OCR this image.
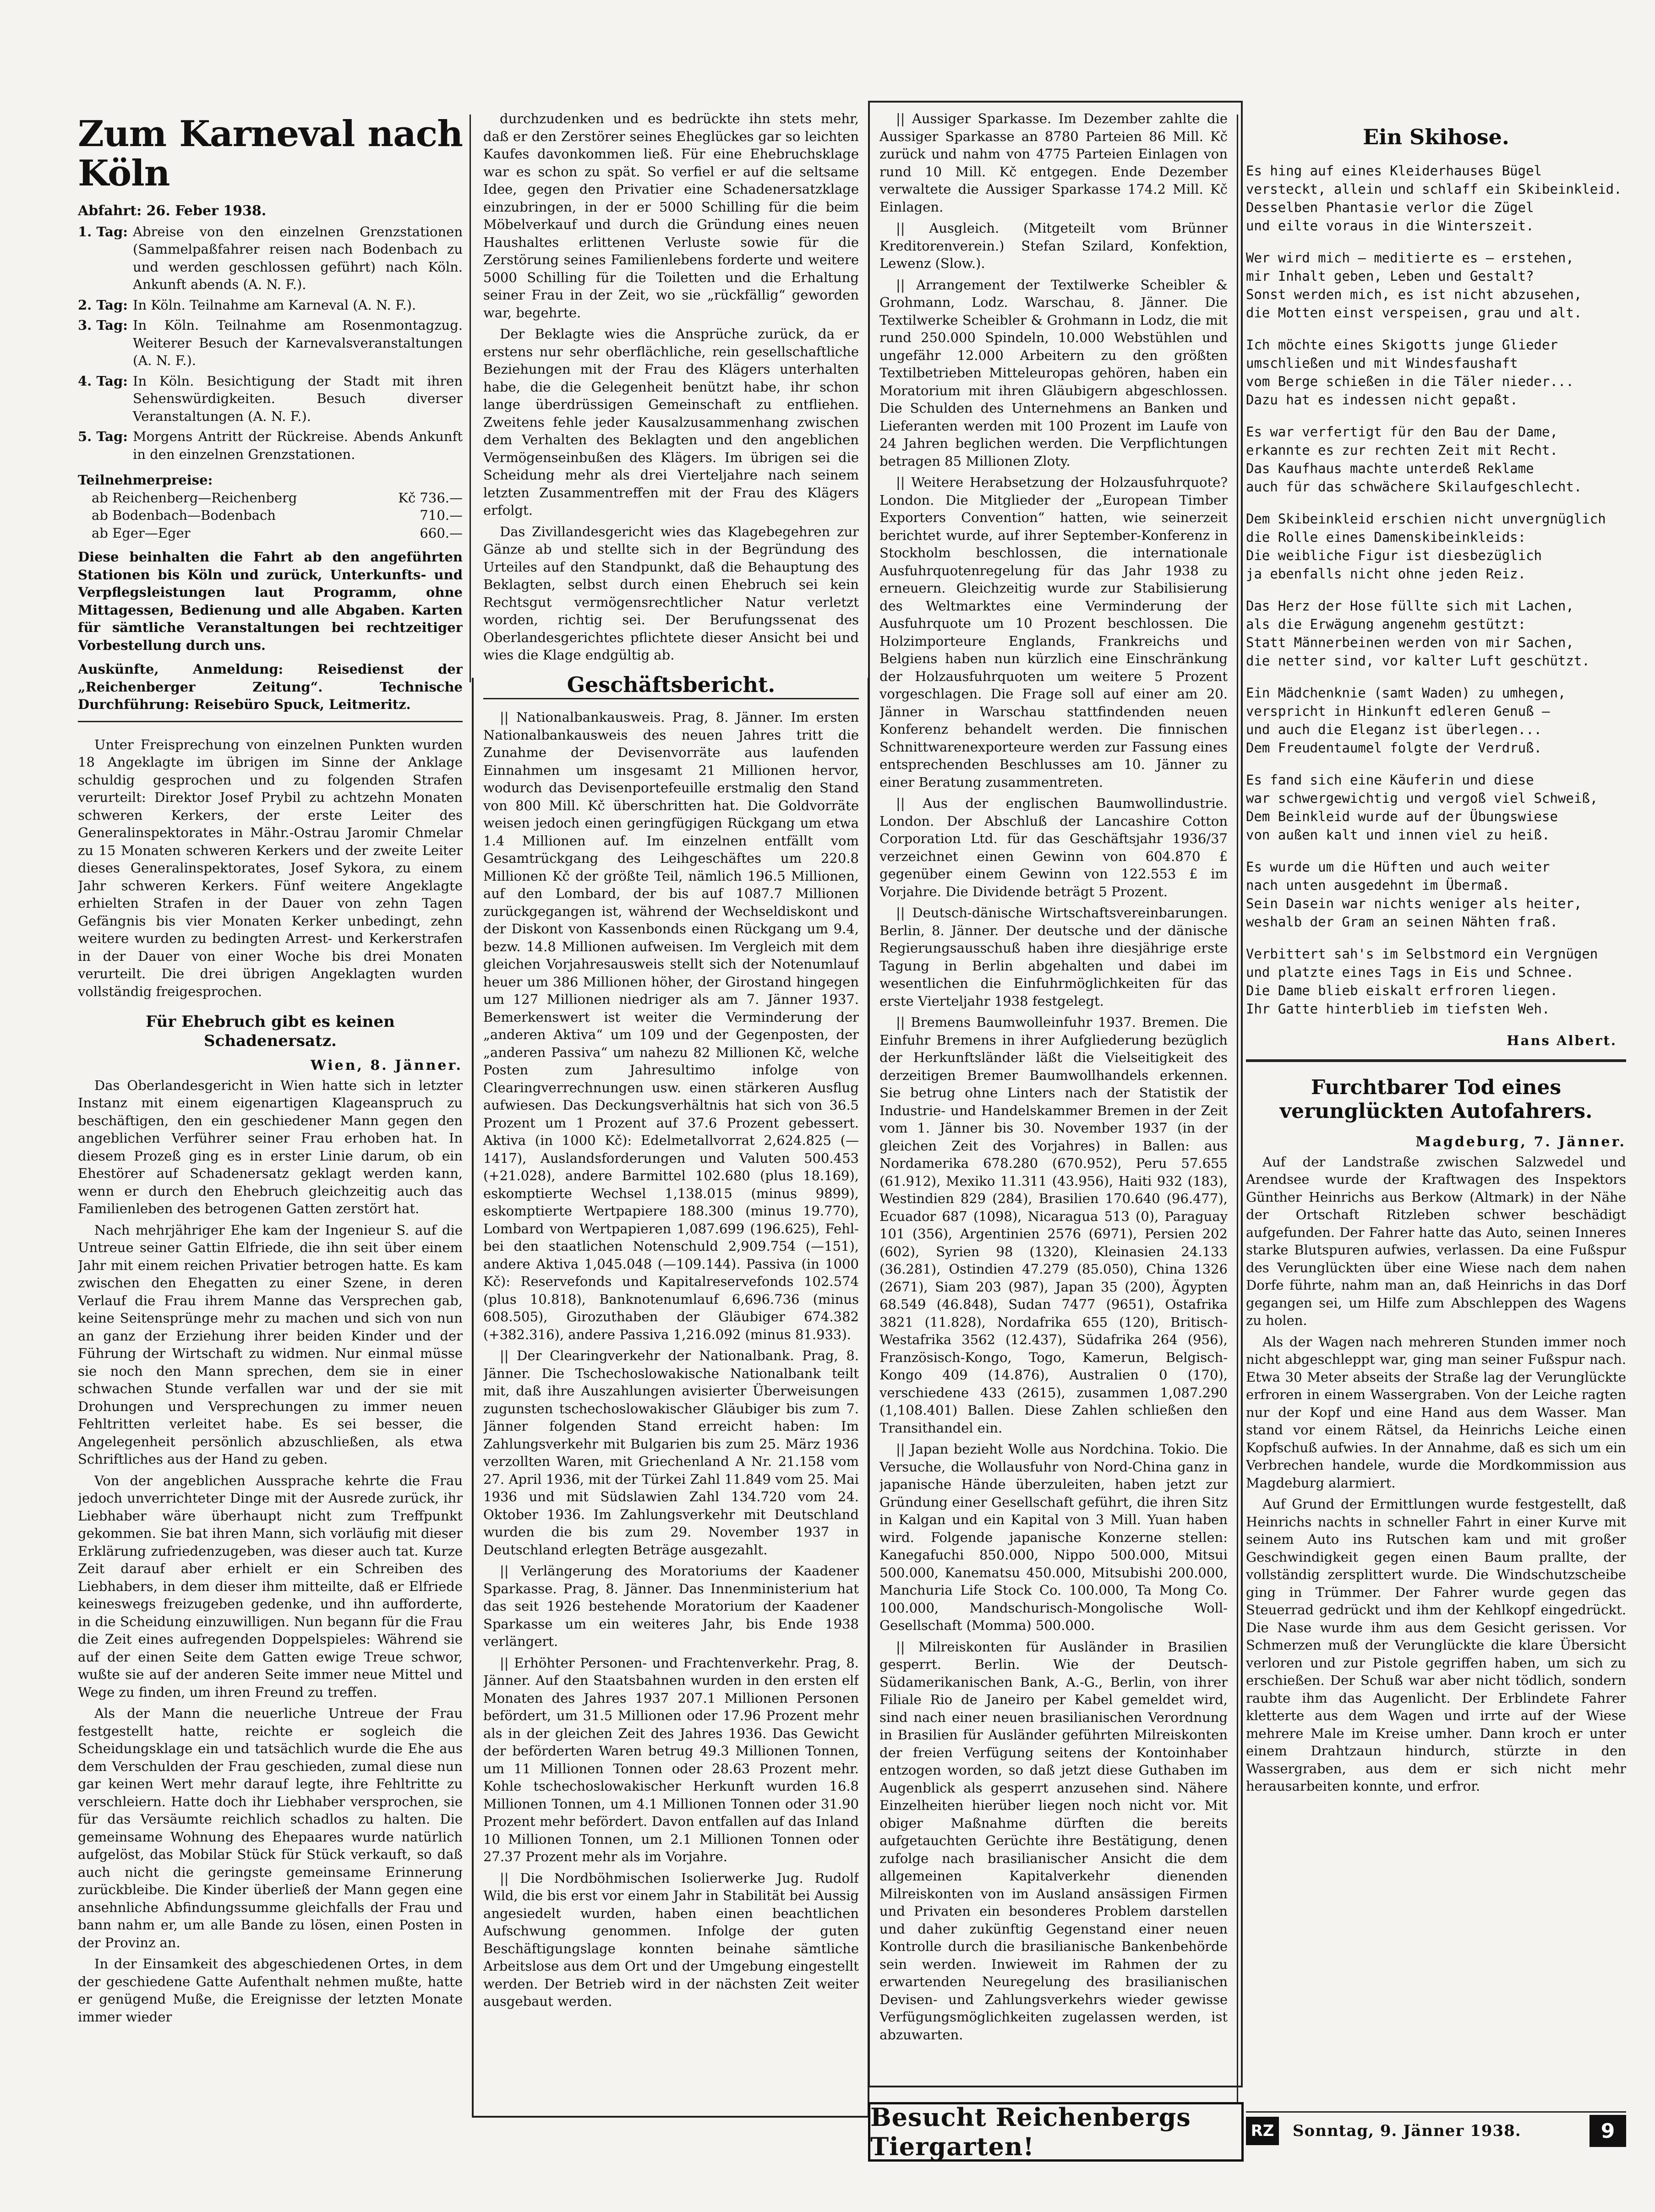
Zum Karneval nach Köln
Abfahrt: 26. Feber 1938.
1. Tag: Abreise von den einzelnen Grenzstationen (Sammelpaßfahrer reisen nach Bodenbach zu und werden geschlossen geführt) nach Köln. Ankunft abends (A. N. F.).
2. Tag: In Köln. Teilnahme am Karneval (A. N. F.).
3. Tag: In Köln. Teilnahme am Rosenmontagzug. Weiterer Besuch der Karnevalsveranstaltungen (A. N. F.).
4. Tag: In Köln. Besichtigung der Stadt mit ihren Sehenswürdigkeiten. Besuch diverser Veranstaltungen (A. N. F.).
5. Tag: Morgens Antritt der Rückreise. Abends Ankunft in den einzelnen Grenzstationen.
Teilnehmerpreise:
ab Reichenberg—Reichenberg	Kč 736.—
ab Bodenbach—Bodenbach	710.—
ab Eger—Eger	660.—

Diese beinhalten die Fahrt ab den angeführten Stationen bis Köln und zurück, Unterkunfts- und Verpflegsleistungen laut Programm, ohne Mittagessen, Bedienung und alle Abgaben. Karten für sämtliche Veranstaltungen bei rechtzeitiger Vorbestellung durch uns.

Auskünfte, Anmeldung: Reisedienst der „Reichenberger Zeitung“. Technische Durchführung: Reisebüro Spuck, Leitmeritz.

Unter Freisprechung von einzelnen Punkten wurden 18 Angeklagte im übrigen im Sinne der Anklage schuldig gesprochen und zu folgenden Strafen verurteilt: Direktor Josef Prybil zu achtzehn Monaten schweren Kerkers, der erste Leiter des Generalinspektorates in Mähr.-Ostrau Jaromir Chmelar zu 15 Monaten schweren Kerkers und der zweite Leiter dieses Generalinspektorates, Josef Sykora, zu einem Jahr schweren Kerkers. Fünf weitere Angeklagte erhielten Strafen in der Dauer von zehn Tagen Gefängnis bis vier Monaten Kerker unbedingt, zehn weitere wurden zu bedingten Arrest- und Kerkerstrafen in der Dauer von einer Woche bis drei Monaten verurteilt. Die drei übrigen Angeklagten wurden vollständig freigesprochen.

Für Ehebruch gibt es keinen Schadenersatz.
Wien, 8. Jänner.

Das Oberlandesgericht in Wien hatte sich in letzter Instanz mit einem eigenartigen Klageanspruch zu beschäftigen, den ein geschiedener Mann gegen den angeblichen Verführer seiner Frau erhoben hat. In diesem Prozeß ging es in erster Linie darum, ob ein Ehestörer auf Schadenersatz geklagt werden kann, wenn er durch den Ehebruch gleichzeitig auch das Familienleben des betrogenen Gatten zerstört hat.

Nach mehrjähriger Ehe kam der Ingenieur S. auf die Untreue seiner Gattin Elfriede, die ihn seit über einem Jahr mit einem reichen Privatier betrogen hatte. Es kam zwischen den Ehegatten zu einer Szene, in deren Verlauf die Frau ihrem Manne das Versprechen gab, keine Seitensprünge mehr zu machen und sich von nun an ganz der Erziehung ihrer beiden Kinder und der Führung der Wirtschaft zu widmen. Nur einmal müsse sie noch den Mann sprechen, dem sie in einer schwachen Stunde verfallen war und der sie mit Drohungen und Versprechungen zu immer neuen Fehltritten verleitet habe. Es sei besser, die Angelegenheit persönlich abzuschließen, als etwa Schriftliches aus der Hand zu geben.

Von der angeblichen Aussprache kehrte die Frau jedoch unverrichteter Dinge mit der Ausrede zurück, ihr Liebhaber wäre überhaupt nicht zum Treffpunkt gekommen. Sie bat ihren Mann, sich vorläufig mit dieser Erklärung zufriedenzugeben, was dieser auch tat. Kurze Zeit darauf aber erhielt er ein Schreiben des Liebhabers, in dem dieser ihm mitteilte, daß er Elfriede keineswegs freizugeben gedenke, und ihn aufforderte, in die Scheidung einzuwilligen. Nun begann für die Frau die Zeit eines aufregenden Doppelspieles: Während sie auf der einen Seite dem Gatten ewige Treue schwor, wußte sie auf der anderen Seite immer neue Mittel und Wege zu finden, um ihren Freund zu treffen.

Als der Mann die neuerliche Untreue der Frau festgestellt hatte, reichte er sogleich die Scheidungsklage ein und tatsächlich wurde die Ehe aus dem Verschulden der Frau geschieden, zumal diese nun gar keinen Wert mehr darauf legte, ihre Fehltritte zu verschleiern. Hatte doch ihr Liebhaber versprochen, sie für das Versäumte reichlich schadlos zu halten. Die gemeinsame Wohnung des Ehepaares wurde natürlich aufgelöst, das Mobilar Stück für Stück verkauft, so daß auch nicht die geringste gemeinsame Erinnerung zurückbleibe. Die Kinder überließ der Mann gegen eine ansehnliche Abfindungssumme gleichfalls der Frau und bann nahm er, um alle Bande zu lösen, einen Posten in der Provinz an.

In der Einsamkeit des abgeschiedenen Ortes, in dem der geschiedene Gatte Aufenthalt nehmen mußte, hatte er genügend Muße, die Ereignisse der letzten Monate immer wieder

durchzudenken und es bedrückte ihn stets mehr, daß er den Zerstörer seines Eheglückes gar so leichten Kaufes davonkommen ließ. Für eine Ehebruchsklage war es schon zu spät. So verfiel er auf die seltsame Idee, gegen den Privatier eine Schadenersatzklage einzubringen, in der er 5000 Schilling für die beim Möbelverkauf und durch die Gründung eines neuen Haushaltes erlittenen Verluste sowie für die Zerstörung seines Familienlebens forderte und weitere 5000 Schilling für die Toiletten und die Erhaltung seiner Frau in der Zeit, wo sie „rückfällig“ geworden war, begehrte.

Der Beklagte wies die Ansprüche zurück, da er erstens nur sehr oberflächliche, rein gesellschaftliche Beziehungen mit der Frau des Klägers unterhalten habe, die die Gelegenheit benützt habe, ihr schon lange überdrüssigen Gemeinschaft zu entfliehen. Zweitens fehle jeder Kausalzusammenhang zwischen dem Verhalten des Beklagten und den angeblichen Vermögenseinbußen des Klägers. Im übrigen sei die Scheidung mehr als drei Vierteljahre nach seinem letzten Zusammentreffen mit der Frau des Klägers erfolgt.

Das Zivillandesgericht wies das Klagebegehren zur Gänze ab und stellte sich in der Begründung des Urteiles auf den Standpunkt, daß die Behauptung des Beklagten, selbst durch einen Ehebruch sei kein Rechtsgut vermögensrechtlicher Natur verletzt worden, richtig sei. Der Berufungssenat des Oberlandesgerichtes pflichtete dieser Ansicht bei und wies die Klage endgültig ab.

Geschäftsbericht.

|| Nationalbankausweis. Prag, 8. Jänner. Im ersten Nationalbankausweis des neuen Jahres tritt die Zunahme der Devisenvorräte aus laufenden Einnahmen um insgesamt 21 Millionen hervor, wodurch das Devisenportefeuille erstmalig den Stand von 800 Mill. Kč überschritten hat. Die Goldvorräte weisen jedoch einen geringfügigen Rückgang um etwa 1.4 Millionen auf. Im einzelnen entfällt vom Gesamtrückgang des Leihgeschäftes um 220.8 Millionen Kč der größte Teil, nämlich 196.5 Millionen, auf den Lombard, der bis auf 1087.7 Millionen zurückgegangen ist, während der Wechseldiskont und der Diskont von Kassenbonds einen Rückgang um 9.4, bezw. 14.8 Millionen aufweisen. Im Vergleich mit dem gleichen Vorjahresausweis stellt sich der Notenumlauf heuer um 386 Millionen höher, der Girostand hingegen um 127 Millionen niedriger als am 7. Jänner 1937. Bemerkenswert ist weiter die Verminderung der „anderen Aktiva“ um 109 und der Gegenposten, der „anderen Passiva“ um nahezu 82 Millionen Kč, welche Posten zum Jahresultimo infolge von Clearingverrechnungen usw. einen stärkeren Ausflug aufwiesen. Das Deckungsverhältnis hat sich von 36.5 Prozent um 1 Prozent auf 37.6 Prozent gebessert. Aktiva (in 1000 Kč): Edelmetallvorrat 2,624.825 (—1417), Auslandsforderungen und Valuten 500.453 (+21.028), andere Barmittel 102.680 (plus 18.169), eskomptierte Wechsel 1,138.015 (minus 9899), eskomptierte Wertpapiere 188.300 (minus 19.770), Lombard von Wertpapieren 1,087.699 (196.625), Fehl- bei den staatlichen Notenschuld 2,909.754 (—151), andere Aktiva 1,045.048 (—109.144). Passiva (in 1000 Kč): Reservefonds und Kapitalreservefonds 102.574 (plus 10.818), Banknotenumlauf 6,696.736 (minus 608.505), Girozuthaben der Gläubiger 674.382 (+382.316), andere Passiva 1,216.092 (minus 81.933).

|| Der Clearingverkehr der Nationalbank. Prag, 8. Jänner. Die Tschechoslowakische Nationalbank teilt mit, daß ihre Auszahlungen avisierter Überweisungen zugunsten tschechoslowakischer Gläubiger bis zum 7. Jänner folgenden Stand erreicht haben: Im Zahlungsverkehr mit Bulgarien bis zum 25. März 1936 verzollten Waren, mit Griechenland A Nr. 21.158 vom 27. April 1936, mit der Türkei Zahl 11.849 vom 25. Mai 1936 und mit Südslawien Zahl 134.720 vom 24. Oktober 1936. Im Zahlungsverkehr mit Deutschland wurden die bis zum 29. November 1937 in Deutschland erlegten Beträge ausgezahlt.

|| Verlängerung des Moratoriums der Kaadener Sparkasse. Prag, 8. Jänner. Das Innenministerium hat das seit 1926 bestehende Moratorium der Kaadener Sparkasse um ein weiteres Jahr, bis Ende 1938 verlängert.

|| Erhöhter Personen- und Frachtenverkehr. Prag, 8. Jänner. Auf den Staatsbahnen wurden in den ersten elf Monaten des Jahres 1937 207.1 Millionen Personen befördert, um 31.5 Millionen oder 17.96 Prozent mehr als in der gleichen Zeit des Jahres 1936. Das Gewicht der beförderten Waren betrug 49.3 Millionen Tonnen, um 11 Millionen Tonnen oder 28.63 Prozent mehr. Kohle tschechoslowakischer Herkunft wurden 16.8 Millionen Tonnen, um 4.1 Millionen Tonnen oder 31.90 Prozent mehr befördert. Davon entfallen auf das Inland 10 Millionen Tonnen, um 2.1 Millionen Tonnen oder 27.37 Prozent mehr als im Vorjahre.

|| Die Nordböhmischen Isolierwerke Jug. Rudolf Wild, die bis erst vor einem Jahr in Stabilität bei Aussig angesiedelt wurden, haben einen beachtlichen Aufschwung genommen. Infolge der guten Beschäftigungslage konnten beinahe sämtliche Arbeitslose aus dem Ort und der Umgebung eingestellt werden. Der Betrieb wird in der nächsten Zeit weiter ausgebaut werden.

|| Aussiger Sparkasse. Im Dezember zahlte die Aussiger Sparkasse an 8780 Parteien 86 Mill. Kč zurück und nahm von 4775 Parteien Einlagen von rund 10 Mill. Kč entgegen. Ende Dezember verwaltete die Aussiger Sparkasse 174.2 Mill. Kč Einlagen.

|| Ausgleich. (Mitgeteilt vom Brünner Kreditorenverein.) Stefan Szilard, Konfektion, Lewenz (Slow.).

|| Arrangement der Textilwerke Scheibler & Grohmann, Lodz. Warschau, 8. Jänner. Die Textilwerke Scheibler & Grohmann in Lodz, die mit rund 250.000 Spindeln, 10.000 Webstühlen und ungefähr 12.000 Arbeitern zu den größten Textilbetrieben Mitteleuropas gehören, haben ein Moratorium mit ihren Gläubigern abgeschlossen. Die Schulden des Unternehmens an Banken und Lieferanten werden mit 100 Prozent im Laufe von 24 Jahren beglichen werden. Die Verpflichtungen betragen 85 Millionen Zloty.

|| Weitere Herabsetzung der Holzausfuhrquote? London. Die Mitglieder der „European Timber Exporters Convention“ hatten, wie seinerzeit berichtet wurde, auf ihrer September-Konferenz in Stockholm beschlossen, die internationale Ausfuhrquotenregelung für das Jahr 1938 zu erneuern. Gleichzeitig wurde zur Stabilisierung des Weltmarktes eine Verminderung der Ausfuhrquote um 10 Prozent beschlossen. Die Holzimporteure Englands, Frankreichs und Belgiens haben nun kürzlich eine Einschränkung der Holzausfuhrquoten um weitere 5 Prozent vorgeschlagen. Die Frage soll auf einer am 20. Jänner in Warschau stattfindenden neuen Konferenz behandelt werden. Die finnischen Schnittwarenexporteure werden zur Fassung eines entsprechenden Beschlusses am 10. Jänner zu einer Beratung zusammentreten.

|| Aus der englischen Baumwollindustrie. London. Der Abschluß der Lancashire Cotton Corporation Ltd. für das Geschäftsjahr 1936/37 verzeichnet einen Gewinn von 604.870 £ gegenüber einem Gewinn von 122.553 £ im Vorjahre. Die Dividende beträgt 5 Prozent.

|| Deutsch-dänische Wirtschaftsvereinbarungen. Berlin, 8. Jänner. Der deutsche und der dänische Regierungsausschuß haben ihre diesjährige erste Tagung in Berlin abgehalten und dabei im wesentlichen die Einfuhrmöglichkeiten für das erste Vierteljahr 1938 festgelegt.

|| Bremens Baumwolleinfuhr 1937. Bremen. Die Einfuhr Bremens in ihrer Aufgliederung bezüglich der Herkunftsländer läßt die Vielseitigkeit des derzeitigen Bremer Baumwollhandels erkennen. Sie betrug ohne Linters nach der Statistik der Industrie- und Handelskammer Bremen in der Zeit vom 1. Jänner bis 30. November 1937 (in der gleichen Zeit des Vorjahres) in Ballen: aus Nordamerika 678.280 (670.952), Peru 57.655 (61.912), Mexiko 11.311 (43.956), Haiti 932 (183), Westindien 829 (284), Brasilien 170.640 (96.477), Ecuador 687 (1098), Nicaragua 513 (0), Paraguay 101 (356), Argentinien 2576 (6971), Persien 202 (602), Syrien 98 (1320), Kleinasien 24.133 (36.281), Ostindien 47.279 (85.050), China 1326 (2671), Siam 203 (987), Japan 35 (200), Ägypten 68.549 (46.848), Sudan 7477 (9651), Ostafrika 3821 (11.828), Nordafrika 655 (120), Britisch-Westafrika 3562 (12.437), Südafrika 264 (956), Französisch-Kongo, Togo, Kamerun, Belgisch-Kongo 409 (14.876), Australien 0 (170), verschiedene 433 (2615), zusammen 1,087.290 (1,108.401) Ballen. Diese Zahlen schließen den Transithandel ein.

|| Japan bezieht Wolle aus Nordchina. Tokio. Die Versuche, die Wollausfuhr von Nord-China ganz in japanische Hände überzuleiten, haben jetzt zur Gründung einer Gesellschaft geführt, die ihren Sitz in Kalgan und ein Kapital von 3 Mill. Yuan haben wird. Folgende japanische Konzerne stellen: Kanegafuchi 850.000, Nippo 500.000, Mitsui 500.000, Kanematsu 450.000, Mitsubishi 200.000, Manchuria Life Stock Co. 100.000, Ta Mong Co. 100.000, Mandschurisch-Mongolische Woll-Gesellschaft (Momma) 500.000.

|| Milreiskonten für Ausländer in Brasilien gesperrt. Berlin. Wie der Deutsch-Südamerikanischen Bank, A.-G., Berlin, von ihrer Filiale Rio de Janeiro per Kabel gemeldet wird, sind nach einer neuen brasilianischen Verordnung in Brasilien für Ausländer geführten Milreiskonten der freien Verfügung seitens der Kontoinhaber entzogen worden, so daß jetzt diese Guthaben im Augenblick als gesperrt anzusehen sind. Nähere Einzelheiten hierüber liegen noch nicht vor. Mit obiger Maßnahme dürften die bereits aufgetauchten Gerüchte ihre Bestätigung, denen zufolge nach brasilianischer Ansicht die dem allgemeinen Kapitalverkehr dienenden Milreiskonten von im Ausland ansässigen Firmen und Privaten ein besonderes Problem darstellen und daher zukünftig Gegenstand einer neuen Kontrolle durch die brasilianische Bankenbehörde sein werden. Inwieweit im Rahmen der zu erwartenden Neuregelung des brasilianischen Devisen- und Zahlungsverkehrs wieder gewisse Verfügungsmöglichkeiten zugelassen werden, ist abzuwarten.

Besucht Reichenbergs Tiergarten!
Ein Skihose.
Es hing auf eines Kleiderhauses Bügel
versteckt, allein und schlaff ein Skibeinkleid.
Desselben Phantasie verlor die Zügel
und eilte voraus in die Winterszeit.
Wer wird mich — meditierte es — erstehen,
mir Inhalt geben, Leben und Gestalt?
Sonst werden mich, es ist nicht abzusehen,
die Motten einst verspeisen, grau und alt.
Ich möchte eines Skigotts junge Glieder
umschließen und mit Windesfaushaft
vom Berge schießen in die Täler nieder...
Dazu hat es indessen nicht gepaßt.
Es war verfertigt für den Bau der Dame,
erkannte es zur rechten Zeit mit Recht.
Das Kaufhaus machte unterdeß Reklame
auch für das schwächere Skilaufgeschlecht.
Dem Skibeinkleid erschien nicht unvergnüglich
die Rolle eines Damenskibeinkleids:
Die weibliche Figur ist diesbezüglich
ja ebenfalls nicht ohne jeden Reiz.
Das Herz der Hose füllte sich mit Lachen,
als die Erwägung angenehm gestützt:
Statt Männerbeinen werden von mir Sachen,
die netter sind, vor kalter Luft geschützt.
Ein Mädchenknie (samt Waden) zu umhegen,
verspricht in Hinkunft edleren Genuß —
und auch die Eleganz ist überlegen...
Dem Freudentaumel folgte der Verdruß.
Es fand sich eine Käuferin und diese
war schwergewichtig und vergoß viel Schweiß,
Dem Beinkleid wurde auf der Übungswiese
von außen kalt und innen viel zu heiß.
Es wurde um die Hüften und auch weiter
nach unten ausgedehnt im Übermaß.
Sein Dasein war nichts weniger als heiter,
weshalb der Gram an seinen Nähten fraß.
Verbittert sah's im Selbstmord ein Vergnügen
und platzte eines Tags in Eis und Schnee.
Die Dame blieb eiskalt erfroren liegen.
Ihr Gatte hinterblieb im tiefsten Weh.
Hans Albert.
Furchtbarer Tod eines verunglückten Autofahrers.
Magdeburg, 7. Jänner.

Auf der Landstraße zwischen Salzwedel und Arendsee wurde der Kraftwagen des Inspektors Günther Heinrichs aus Berkow (Altmark) in der Nähe der Ortschaft Ritzleben schwer beschädigt aufgefunden. Der Fahrer hatte das Auto, seinen Inneres starke Blutspuren aufwies, verlassen. Da eine Fußspur des Verunglückten über eine Wiese nach dem nahen Dorfe führte, nahm man an, daß Heinrichs in das Dorf gegangen sei, um Hilfe zum Abschleppen des Wagens zu holen.

Als der Wagen nach mehreren Stunden immer noch nicht abgeschleppt war, ging man seiner Fußspur nach. Etwa 30 Meter abseits der Straße lag der Verunglückte erfroren in einem Wassergraben. Von der Leiche ragten nur der Kopf und eine Hand aus dem Wasser. Man stand vor einem Rätsel, da Heinrichs Leiche einen Kopfschuß aufwies. In der Annahme, daß es sich um ein Verbrechen handele, wurde die Mordkommission aus Magdeburg alarmiert.

Auf Grund der Ermittlungen wurde festgestellt, daß Heinrichs nachts in schneller Fahrt in einer Kurve mit seinem Auto ins Rutschen kam und mit großer Geschwindigkeit gegen einen Baum prallte, der vollständig zersplittert wurde. Die Windschutzscheibe ging in Trümmer. Der Fahrer wurde gegen das Steuerrad gedrückt und ihm der Kehlkopf eingedrückt. Die Nase wurde ihm aus dem Gesicht gerissen. Vor Schmerzen muß der Verunglückte die klare Übersicht verloren und zur Pistole gegriffen haben, um sich zu erschießen. Der Schuß war aber nicht tödlich, sondern raubte ihm das Augenlicht. Der Erblindete Fahrer kletterte aus dem Wagen und irrte auf der Wiese mehrere Male im Kreise umher. Dann kroch er unter einem Drahtzaun hindurch, stürzte in den Wassergraben, aus dem er sich nicht mehr herausarbeiten konnte, und erfror.

RZ	Sonntag, 9. Jänner 1938.	9
